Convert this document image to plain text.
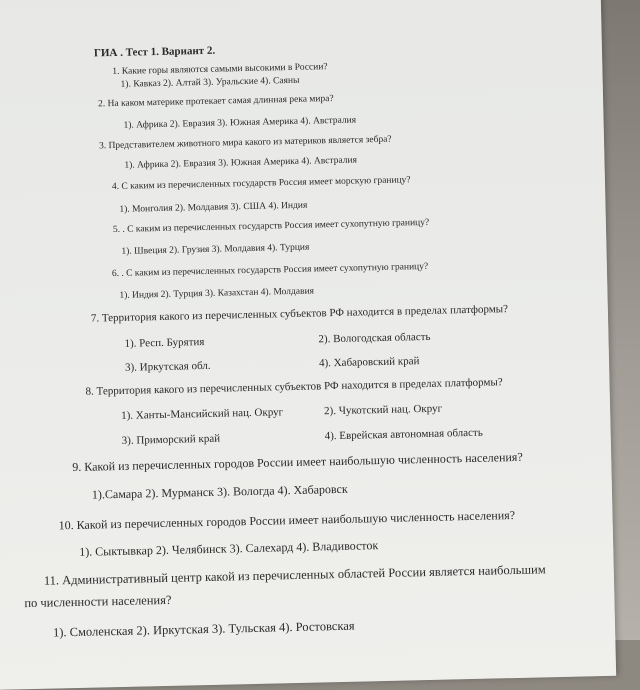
ГИА . Тест 1. Вариант 2.

1. Какие горы являются самыми высокими в России?

1). Кавказ 2). Алтай 3). Уральские 4). Саяны

2. На каком материке протекает самая длинная река мира?

1). Африка 2). Евразия 3). Южная Америка 4). Австралия

3. Представителем животного мира какого из материков является зебра?

1). Африка 2). Евразия 3). Южная Америка 4). Австралия

4. С каким из перечисленных государств Россия имеет морскую границу?

1). Монголия 2). Молдавия 3). США 4). Индия

5. . С каким из перечисленных государств Россия имеет сухопутную границу?

1). Швеция 2). Грузия 3). Молдавия 4). Турция

6. . С каким из перечисленных государств Россия имеет сухопутную границу?

1). Индия 2). Турция 3). Казахстан 4). Молдавия

7. Территория какого из перечисленных субъектов РФ находится в пределах платформы?

1). Респ. Бурятия	2). Вологодская область

3). Иркутская обл.	4). Хабаровский край

8. Территория какого из перечисленных субъектов РФ находится в пределах платформы?

1). Ханты-Мансийский нац. Округ	2). Чукотский нац. Округ

3). Приморский край	4). Еврейская автономная область

9. Какой из перечисленных городов России имеет наибольшую численность населения?

1).Самара 2). Мурманск 3). Вологда 4). Хабаровск

10. Какой из перечисленных городов России имеет наибольшую численность населения?

1). Сыктывкар 2). Челябинск 3). Салехард 4). Владивосток

11. Административный центр какой из перечисленных областей России является наибольшим

по численности населения?

1). Смоленская 2). Иркутская 3). Тульская 4). Ростовская
